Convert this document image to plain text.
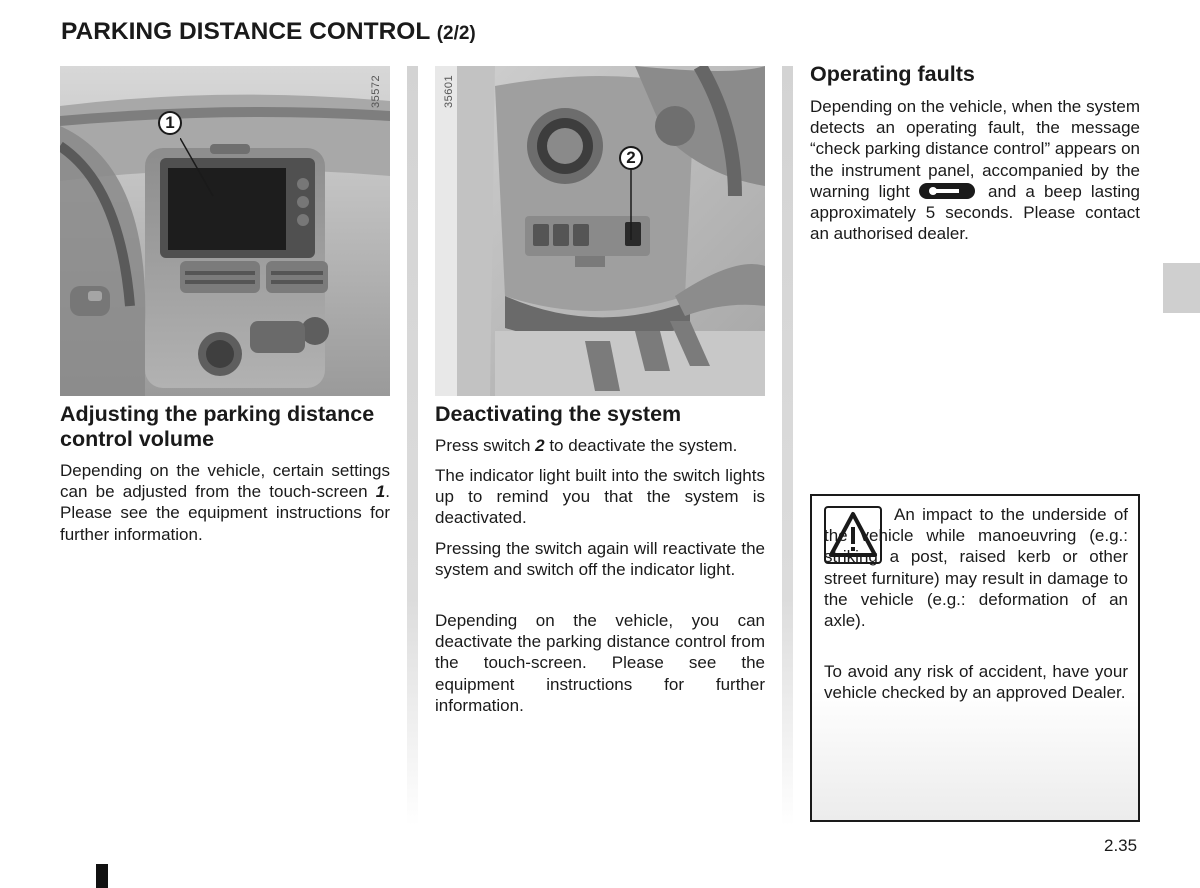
PARKING DISTANCE CONTROL (2/2)
35572
1
35601
2
Adjusting the parking distance control volume

Depending on the vehicle, certain settings can be adjusted from the touch-screen 1. Please see the equipment instructions for further information.

Deactivating the system

Press switch 2 to deactivate the system.

The indicator light built into the switch lights up to remind you that the system is deactivated.

Pressing the switch again will reactivate the system and switch off the indicator light.

Depending on the vehicle, you can deactivate the parking distance control from the touch-screen. Please see the equipment instructions for further information.

Operating faults

Depending on the vehicle, when the system detects an operating fault, the message “check parking distance control” appears on the instrument panel, accompanied by the warning light	and a beep lasting approximately 5 seconds. Please contact an authorised dealer.

An impact to the underside of the vehicle while manoeuvring (e.g.: striking a post, raised kerb or other street furniture) may result in damage to the vehicle (e.g.: deformation of an axle).

To avoid any risk of accident, have your vehicle checked by an approved Dealer.

2.35
